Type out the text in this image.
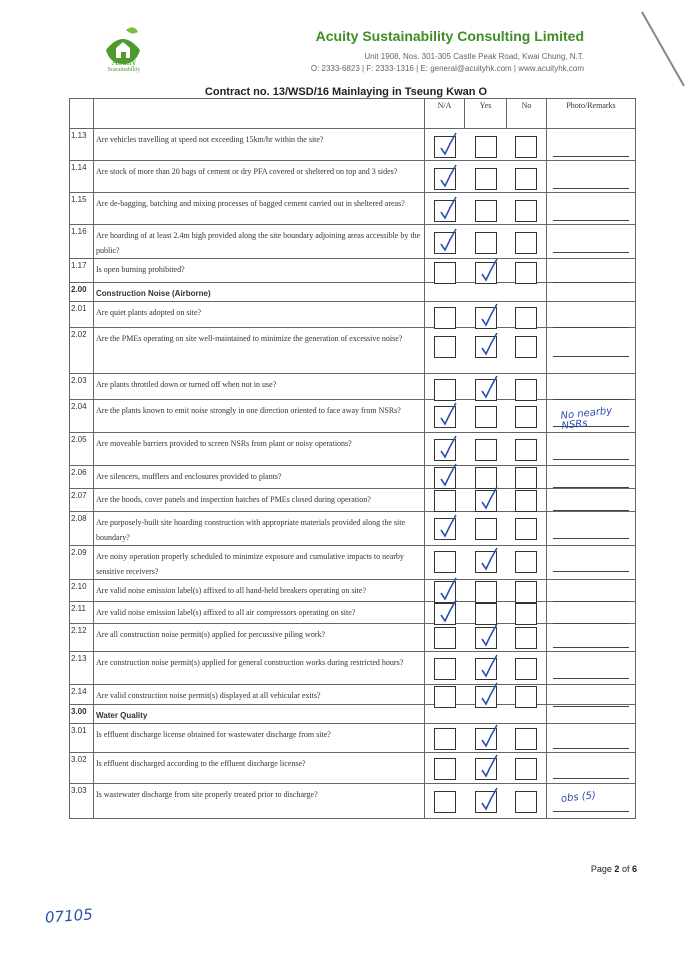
Acuity
Sustainability
Acuity Sustainability Consulting Limited
Unit 1908, Nos. 301-305 Castle Peak Road, Kwai Chung, N.T.
O: 2333-6823 | F: 2333-1316 | E: general@acuityhk.com | www.acuityhk.com
Contract no. 13/WSD/16 Mainlaying in Tseung Kwan O
		N/A	Yes	No	Photo/Remarks
1.13	Are vehicles travelling at speed not exceeding 15km/hr within the site?	

1.14	Are stock of more than 20 bags of cement or dry PFA covered or sheltered on top and 3 sides?	

1.15	Are de-bagging, batching and mixing processes of bagged cement carried out in sheltered areas?	

1.16	Are hoarding of at least 2.4m high provided along the site boundary adjoining areas accessible by the public?	

1.17	Is open burning prohibited?	

2.00	Construction Noise (Airborne)				
2.01	Are quiet plants adopted on site?	

2.02	Are the PMEs operating on site well-maintained to minimize the generation of excessive noise?	

2.03	Are plants throttled down or turned off when not in use?	

2.04	Are the plants known to emit noise strongly in one direction oriented to face away from NSRs?				No nearby NSRs

2.05	Are moveable barriers provided to screen NSRs from plant or noisy operations?	

2.06	Are silencers, mufflers and enclosures provided to plants?	

2.07	Are the hoods, cover panels and inspection hatches of PMEs closed during operation?	

2.08	Are purposely-built site hoarding construction with appropriate materials provided along the site boundary?	

2.09	Are noisy operation properly scheduled to minimize exposure and cumulative impacts to nearby sensitive receivers?	

2.10	Are valid noise emission label(s) affixed to all hand-held breakers operating on site?	

2.11	Are valid noise emission label(s) affixed to all air compressors operating on site?	

2.12	Are all construction noise permit(s) applied for percussive piling work?	

2.13	Are construction noise permit(s) applied for general construction works during restricted hours?	

2.14	Are valid construction noise permit(s) displayed at all vehicular exits?	

3.00	Water Quality				
3.01	Is effluent discharge license obtained for wastewater discharge from site?	

3.02	Is effluent discharged according to the effluent discharge license?	

3.03	Is wastewater discharge from site properly treated prior to discharge?				obs (5)
Page 2 of 6
07105
